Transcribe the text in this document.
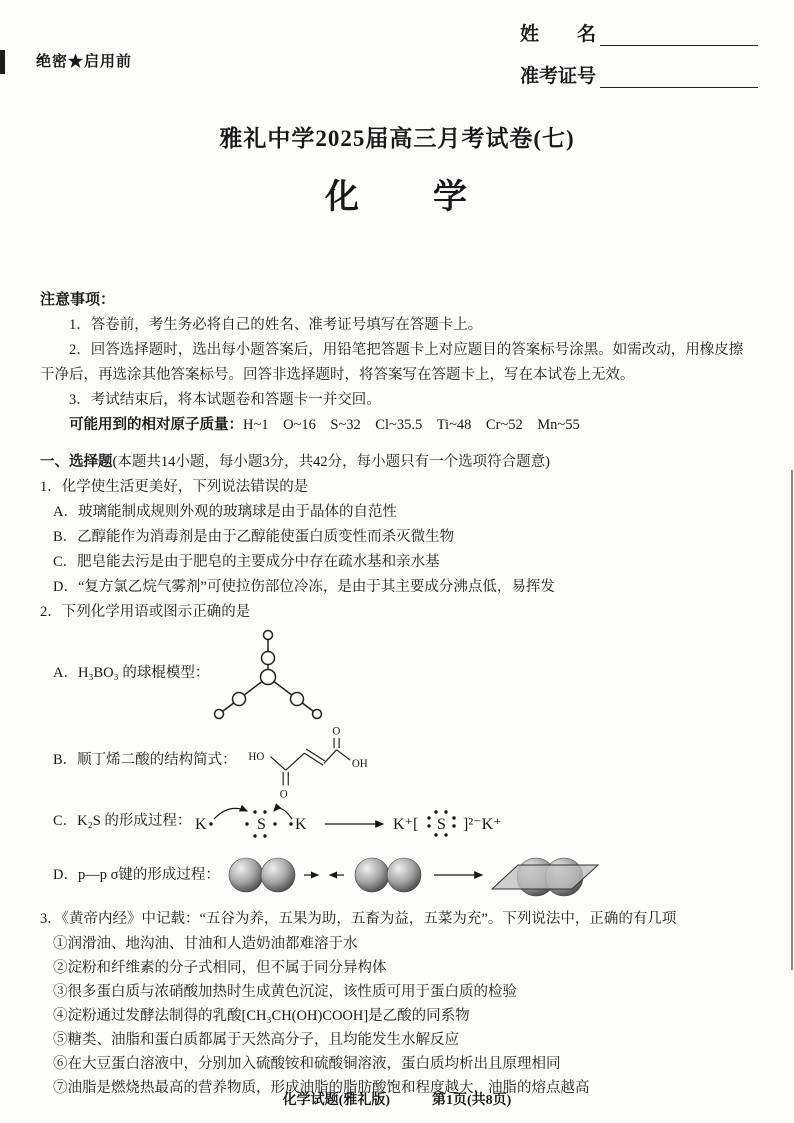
绝密★启用前
姓　　名
准考证号
雅礼中学2025届高三月考试卷(七)
化　　学
注意事项：

1．答卷前，考生务必将自己的姓名、准考证号填写在答题卡上。

2．回答选择题时，选出每小题答案后，用铅笔把答题卡上对应题目的答案标号涂黑。如需改动，用橡皮擦干净后，再选涂其他答案标号。回答非选择题时，将答案写在答题卡上，写在本试卷上无效。

3．考试结束后，将本试题卷和答题卡一并交回。

可能用到的相对原子质量：H~1　O~16　S~32　Cl~35.5　Ti~48　Cr~52　Mn~55

一、选择题(本题共14小题，每小题3分，共42分，每小题只有一个选项符合题意)

1．化学使生活更美好，下列说法错误的是

A．玻璃能制成规则外观的玻璃球是由于晶体的自范性

B．乙醇能作为消毒剂是由于乙醇能使蛋白质变性而杀灭微生物

C．肥皂能去污是由于肥皂的主要成分中存在疏水基和亲水基

D．“复方氯乙烷气雾剂”可使拉伤部位冷冻，是由于其主要成分沸点低，易挥发

2．下列化学用语或图示正确的是

A．H₃BO₃ 的球棍模型：
B．顺丁烯二酸的结构简式： HO
O
O
OH
C．K₂S 的形成过程： K	S K	K⁺[ S ]²⁻K⁺
D．p—p σ键的形成过程：

3．《黄帝内经》中记载：“五谷为养，五果为助，五畜为益，五菜为充”。下列说法中，正确的有几项

①润滑油、地沟油、甘油和人造奶油都难溶于水

②淀粉和纤维素的分子式相同，但不属于同分异构体

③很多蛋白质与浓硝酸加热时生成黄色沉淀，该性质可用于蛋白质的检验

④淀粉通过发酵法制得的乳酸[CH₃CH(OH)COOH]是乙酸的同系物

⑤糖类、油脂和蛋白质都属于天然高分子，且均能发生水解反应

⑥在大豆蛋白溶液中，分别加入硫酸铵和硫酸铜溶液，蛋白质均析出且原理相同

⑦油脂是燃烧热最高的营养物质，形成油脂的脂肪酸饱和程度越大，油脂的熔点越高

化学试题(雅礼版)	第1页(共8页)
